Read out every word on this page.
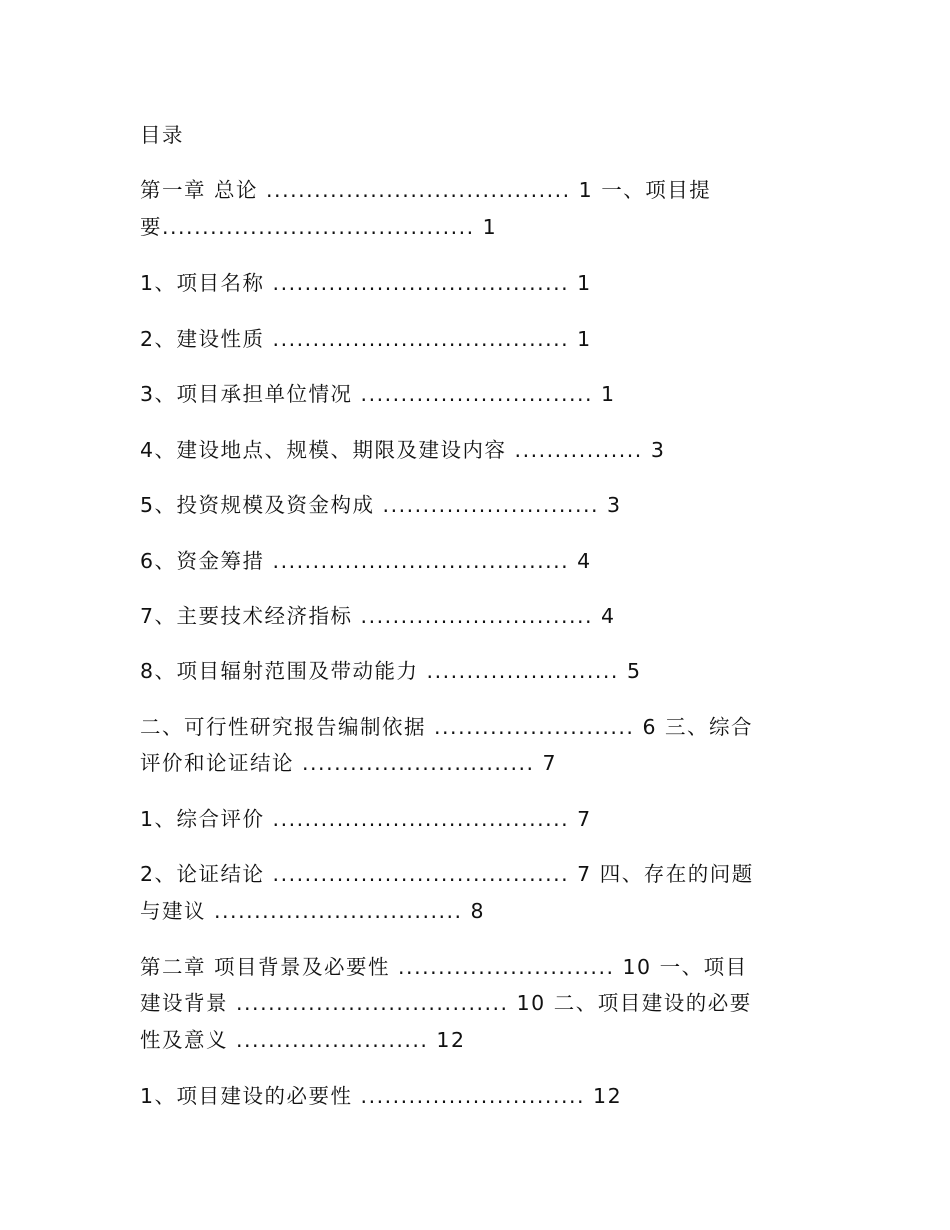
目录
第一章 总论 ...................................... 1 一、项目提
要....................................... 1
1、项目名称 ..................................... 1
2、建设性质 ..................................... 1
3、项目承担单位情况 ............................. 1
4、建设地点、规模、期限及建设内容 ................ 3
5、投资规模及资金构成 ........................... 3
6、资金筹措 ..................................... 4
7、主要技术经济指标 ............................. 4
8、项目辐射范围及带动能力 ........................ 5
二、可行性研究报告编制依据 ......................... 6 三、综合
评价和论证结论 ............................. 7
1、综合评价 ..................................... 7
2、论证结论 ..................................... 7 四、存在的问题
与建议 ............................... 8
第二章 项目背景及必要性 ........................... 10 一、项目
建设背景 .................................. 10 二、项目建设的必要
性及意义 ........................ 12
1、项目建设的必要性 ............................ 12
